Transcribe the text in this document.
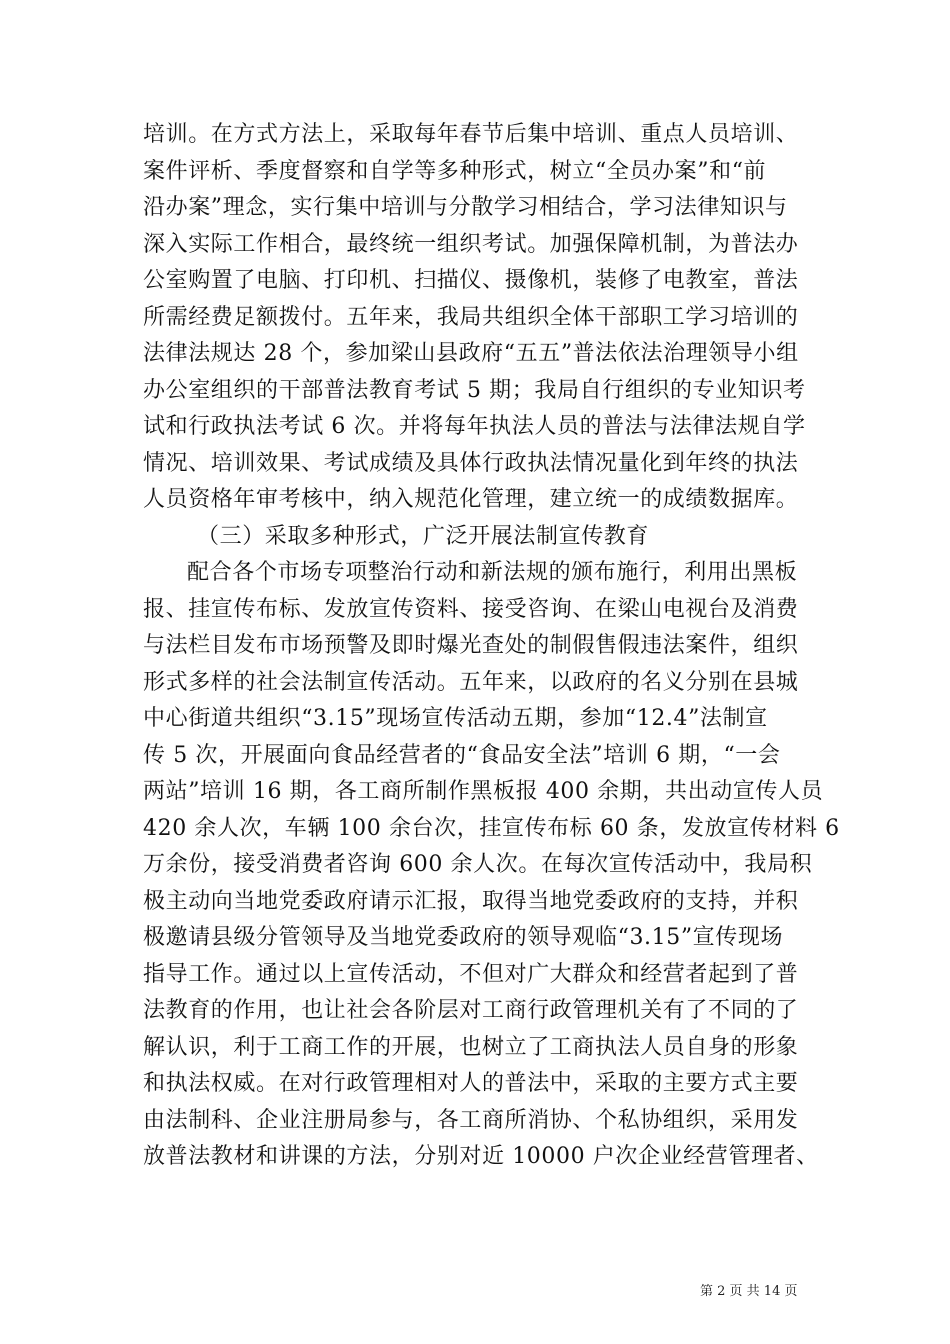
培训。在方式方法上，采取每年春节后集中培训、重点人员培训、
案件评析、季度督察和自学等多种形式，树立“全员办案”和“前
沿办案”理念，实行集中培训与分散学习相结合，学习法律知识与
深入实际工作相合，最终统一组织考试。加强保障机制，为普法办
公室购置了电脑、打印机、扫描仪、摄像机，装修了电教室，普法
所需经费足额拨付。五年来，我局共组织全体干部职工学习培训的
法律法规达 28 个，参加梁山县政府“五五”普法依法治理领导小组
办公室组织的干部普法教育考试 5 期；我局自行组织的专业知识考
试和行政执法考试 6 次。并将每年执法人员的普法与法律法规自学
情况、培训效果、考试成绩及具体行政执法情况量化到年终的执法
人员资格年审考核中，纳入规范化管理，建立统一的成绩数据库。
（三）采取多种形式，广泛开展法制宣传教育
配合各个市场专项整治行动和新法规的颁布施行，利用出黑板
报、挂宣传布标、发放宣传资料、接受咨询、在梁山电视台及消费
与法栏目发布市场预警及即时爆光查处的制假售假违法案件，组织
形式多样的社会法制宣传活动。五年来，以政府的名义分别在县城
中心街道共组织“3.15”现场宣传活动五期，参加“12.4”法制宣
传 5 次，开展面向食品经营者的“食品安全法”培训 6 期，“一会
两站”培训 16 期，各工商所制作黑板报 400 余期，共出动宣传人员
420 余人次，车辆 100 余台次，挂宣传布标 60 条，发放宣传材料 6
万余份，接受消费者咨询 600 余人次。在每次宣传活动中，我局积
极主动向当地党委政府请示汇报，取得当地党委政府的支持，并积
极邀请县级分管领导及当地党委政府的领导观临“3.15”宣传现场
指导工作。通过以上宣传活动，不但对广大群众和经营者起到了普
法教育的作用，也让社会各阶层对工商行政管理机关有了不同的了
解认识，利于工商工作的开展，也树立了工商执法人员自身的形象
和执法权威。在对行政管理相对人的普法中，采取的主要方式主要
由法制科、企业注册局参与，各工商所消协、个私协组织，采用发
放普法教材和讲课的方法，分别对近 10000 户次企业经营管理者、
第 2 页 共 14 页
